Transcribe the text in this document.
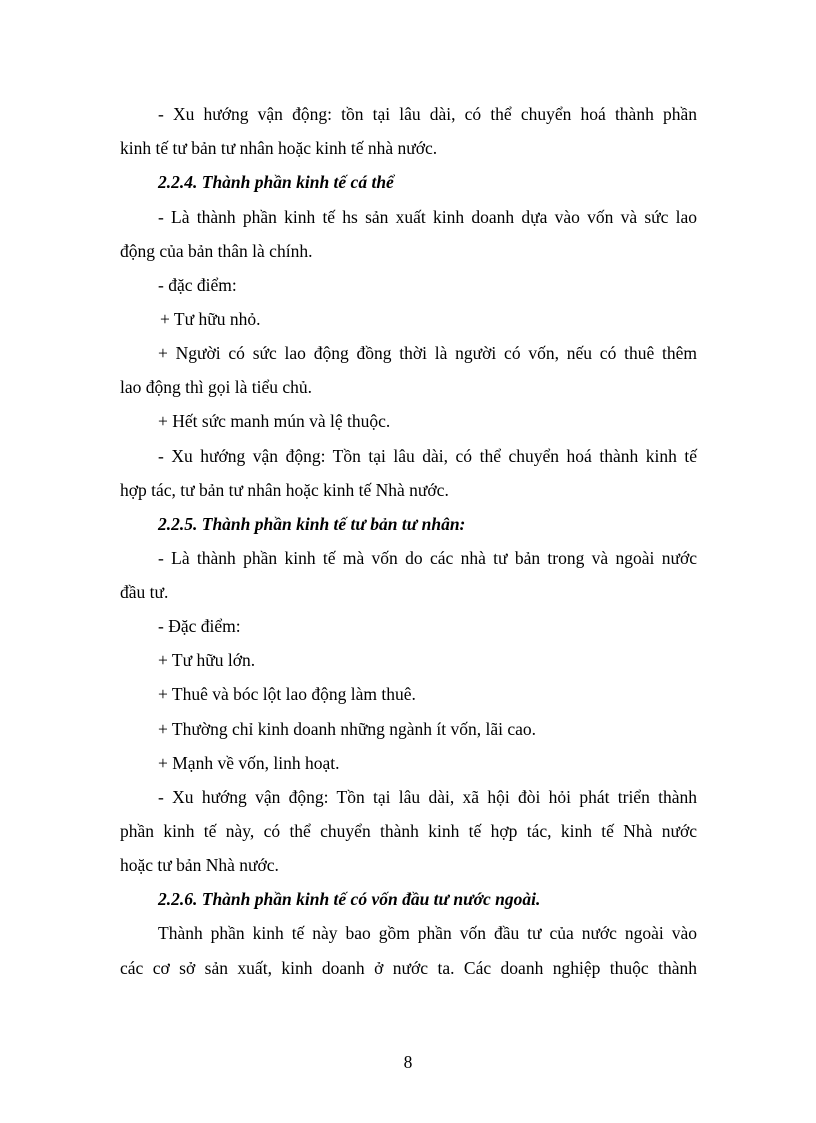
- Xu hướng vận động: tồn tại lâu dài, có thể chuyển hoá thành phần
kinh tế tư bản tư nhân hoặc kinh tế nhà nước.
2.2.4. Thành phần kinh tế cá thể
- Là thành phần kinh tế hs sản xuất kinh doanh dựa vào vốn và sức lao
động của bản thân là chính.
- đặc điểm:
+ Tư hữu nhỏ.
+ Người có sức lao động đồng thời là người có vốn, nếu có thuê thêm
lao động thì gọi là tiểu chủ.
+ Hết sức manh mún và lệ thuộc.
- Xu hướng vận động: Tồn tại lâu dài, có thể chuyển hoá thành kinh tế
hợp tác, tư bản tư nhân hoặc kinh tế Nhà nước.
2.2.5. Thành phần kinh tế tư bản tư nhân:
- Là thành phần kinh tế mà vốn do các nhà tư bản trong và ngoài nước
đầu tư.
- Đặc điểm:
+ Tư hữu lớn.
+ Thuê và bóc lột lao động làm thuê.
+ Thường chỉ kinh doanh những ngành ít vốn, lãi cao.
+ Mạnh về vốn, linh hoạt.
- Xu hướng vận động: Tồn tại lâu dài, xã hội đòi hỏi phát triển thành
phần kinh tế này, có thể chuyển thành kinh tế hợp tác, kinh tế Nhà nước
hoặc tư bản Nhà nước.
2.2.6. Thành phần kinh tế có vốn đầu tư nước ngoài.
Thành phần kinh tế này bao gồm phần vốn đầu tư của nước ngoài vào
các cơ sở sản xuất, kinh doanh ở nước ta. Các doanh nghiệp thuộc thành
8
